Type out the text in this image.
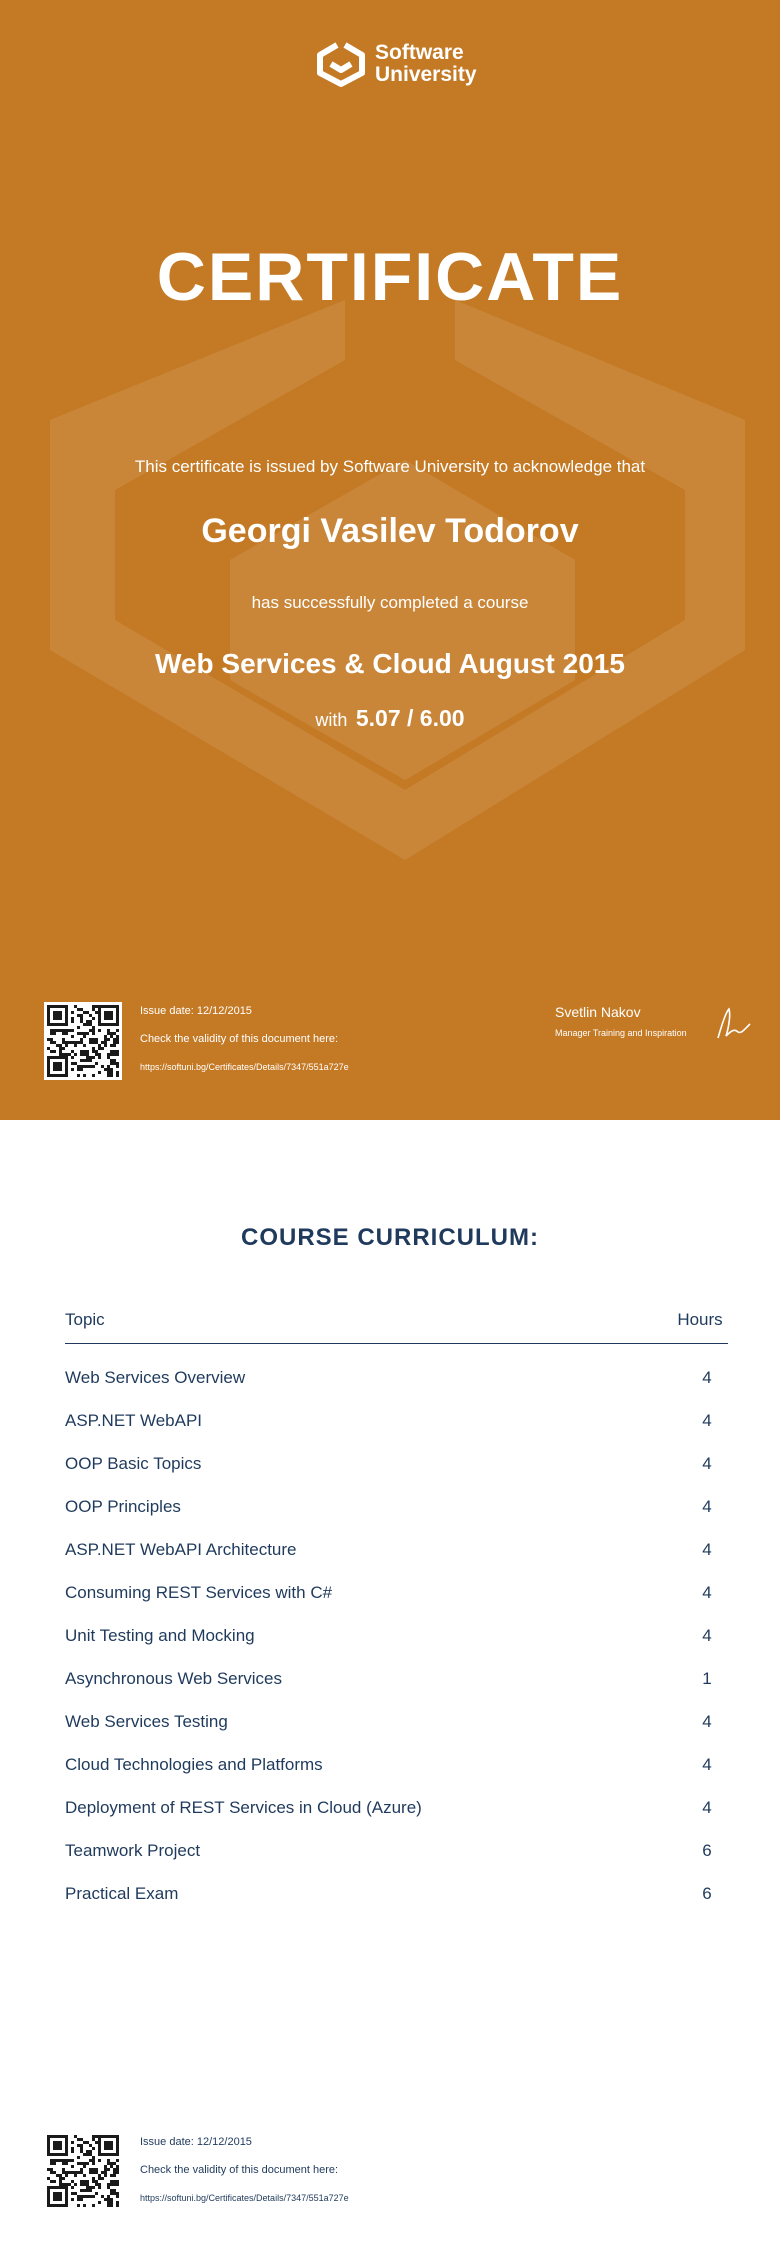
Software
University
CERTIFICATE
This certificate is issued by Software University to acknowledge that
Georgi Vasilev Todorov
has successfully completed a course
Web Services & Cloud August 2015
with 5.07 / 6.00
Issue date: 12/12/2015
Check the validity of this document here:
https://softuni.bg/Certificates/Details/7347/551a727e
Svetlin Nakov
Manager Training and Inspiration
COURSE CURRICULUM:
Topic	Hours
Web Services Overview	4
ASP.NET WebAPI	4
OOP Basic Topics	4
OOP Principles	4
ASP.NET WebAPI Architecture	4
Consuming REST Services with C#	4
Unit Testing and Mocking	4
Asynchronous Web Services	1
Web Services Testing	4
Cloud Technologies and Platforms	4
Deployment of REST Services in Cloud (Azure)	4
Teamwork Project	6
Practical Exam	6
Issue date: 12/12/2015
Check the validity of this document here:
https://softuni.bg/Certificates/Details/7347/551a727e
